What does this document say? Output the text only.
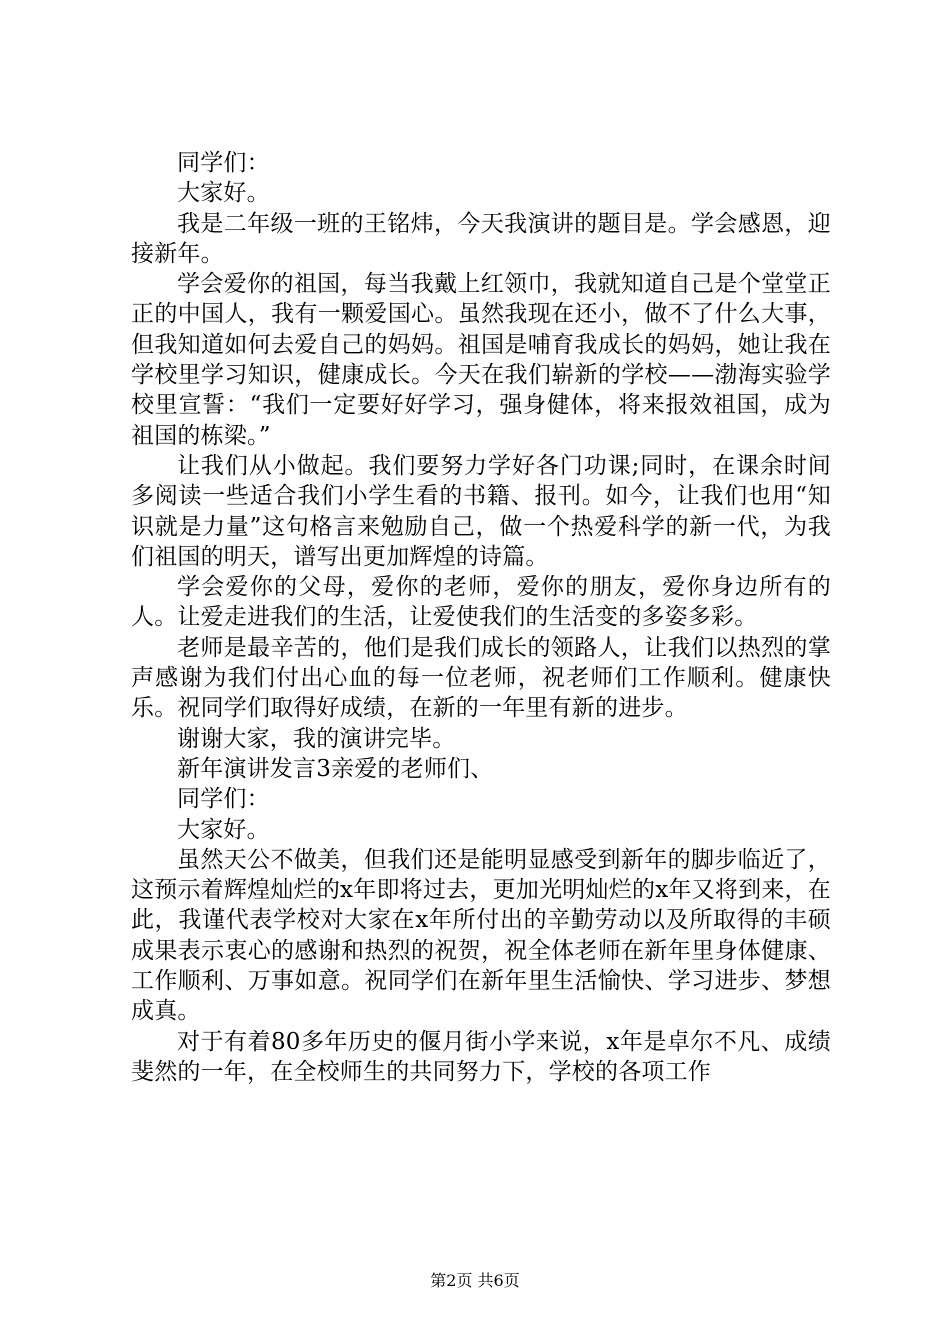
同学们：

大家好。

我是二年级一班的王铭炜，今天我演讲的题目是。学会感恩，迎接新年。

学会爱你的祖国，每当我戴上红领巾，我就知道自己是个堂堂正正的中国人，我有一颗爱国心。虽然我现在还小，做不了什么大事，但我知道如何去爱自己的妈妈。祖国是哺育我成长的妈妈，她让我在学校里学习知识，健康成长。今天在我们崭新的学校——渤海实验学校里宣誓：“我们一定要好好学习，强身健体，将来报效祖国，成为祖国的栋梁。”

让我们从小做起。我们要努力学好各门功课;同时，在课余时间多阅读一些适合我们小学生看的书籍、报刊。如今，让我们也用“知识就是力量”这句格言来勉励自己，做一个热爱科学的新一代，为我们祖国的明天，谱写出更加辉煌的诗篇。

学会爱你的父母，爱你的老师，爱你的朋友，爱你身边所有的人。让爱走进我们的生活，让爱使我们的生活变的多姿多彩。

老师是最辛苦的，他们是我们成长的领路人，让我们以热烈的掌声感谢为我们付出心血的每一位老师，祝老师们工作顺利。健康快乐。祝同学们取得好成绩，在新的一年里有新的进步。

谢谢大家，我的演讲完毕。

新年演讲发言3亲爱的老师们、

同学们：

大家好。

虽然天公不做美，但我们还是能明显感受到新年的脚步临近了，这预示着辉煌灿烂的x年即将过去，更加光明灿烂的x年又将到来，在此，我谨代表学校对大家在x年所付出的辛勤劳动以及所取得的丰硕成果表示衷心的感谢和热烈的祝贺，祝全体老师在新年里身体健康、工作顺利、万事如意。祝同学们在新年里生活愉快、学习进步、梦想成真。

对于有着80多年历史的偃月街小学来说，x年是卓尔不凡、成绩斐然的一年，在全校师生的共同努力下，学校的各项工作

第2页 共6页
